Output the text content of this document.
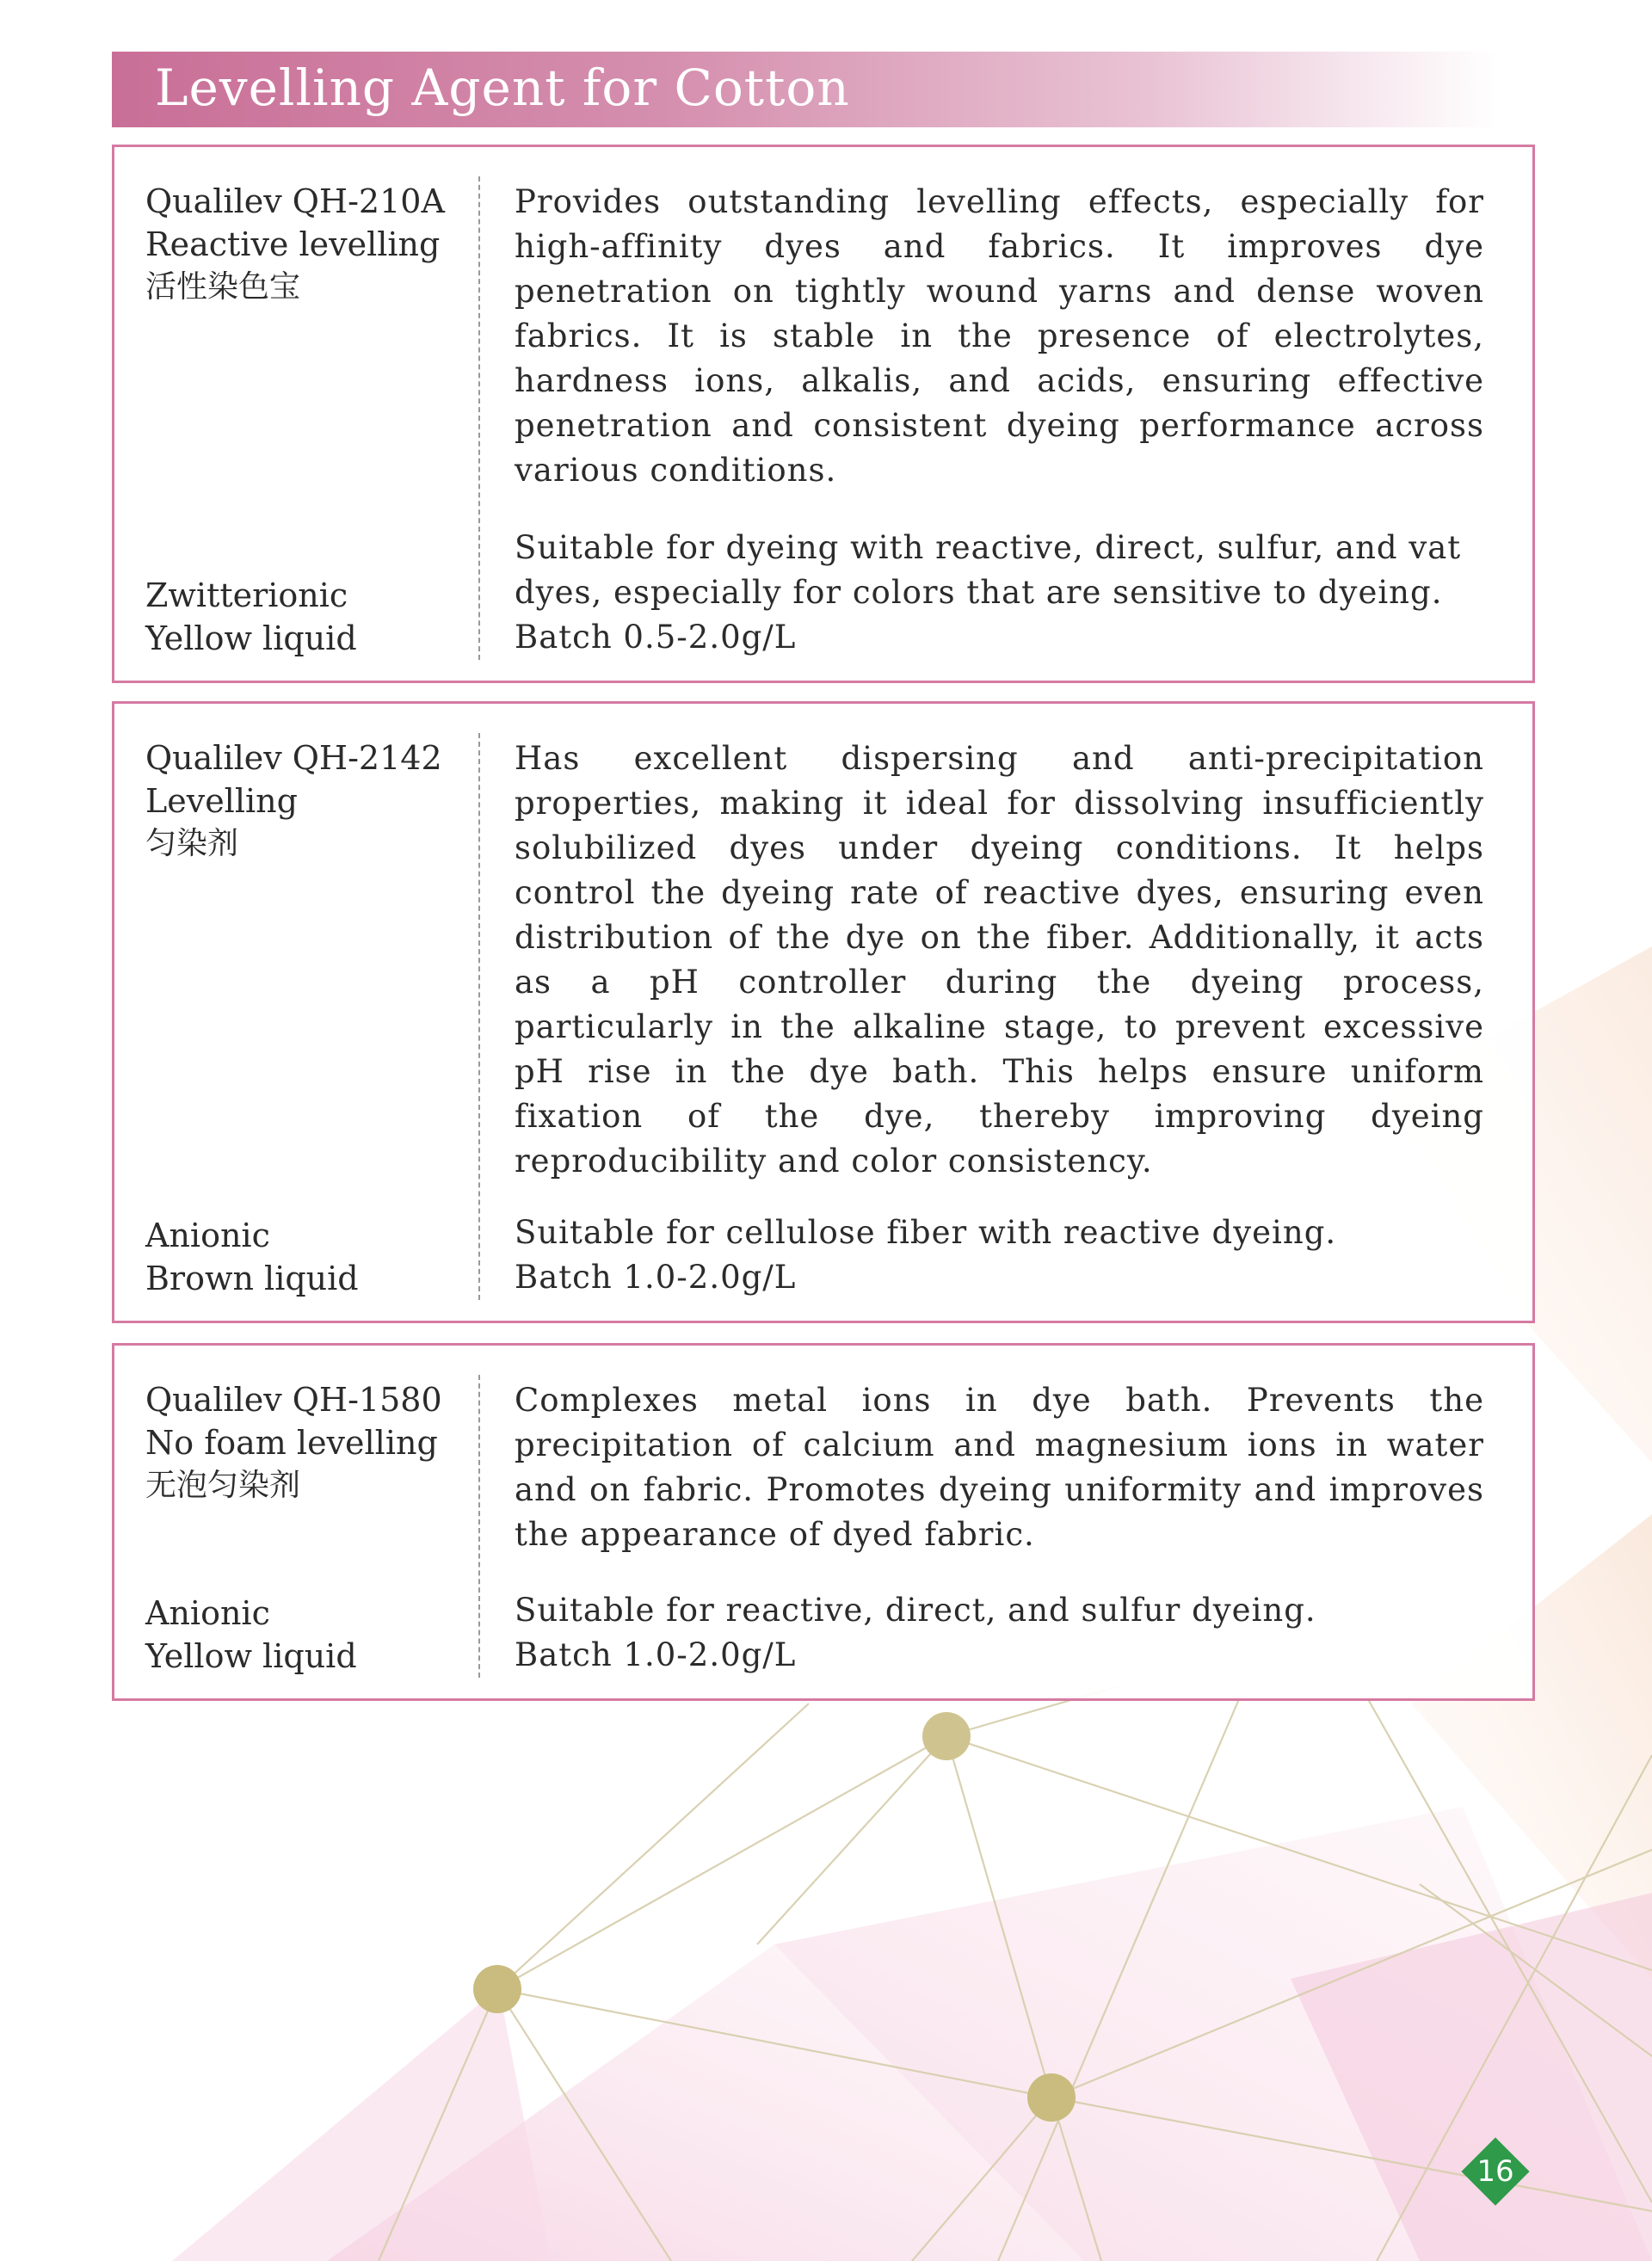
Levelling Agent for Cotton
Qualilev QH-210A
Reactive levelling
活性染色宝
Zwitterionic
Yellow liquid
Provides outstanding levelling effects, especially for high-affinity dyes and fabrics. It improves dye penetration on tightly wound yarns and dense woven fabrics. It is stable in the presence of electrolytes, hardness ions, alkalis, and acids, ensuring effective penetration and consistent dyeing performance across various conditions.
Suitable for dyeing with reactive, direct, sulfur, and vat
dyes, especially for colors that are sensitive to dyeing.
Batch 0.5-2.0g/L
Qualilev QH-2142
Levelling
匀染剂
Anionic
Brown liquid
Has excellent dispersing and anti-precipitation properties, making it ideal for dissolving insufficiently solubilized dyes under dyeing conditions. It helps control the dyeing rate of reactive dyes, ensuring even distribution of the dye on the fiber. Additionally, it acts as a pH controller during the dyeing process, particularly in the alkaline stage, to prevent excessive pH rise in the dye bath. This helps ensure uniform fixation of the dye, thereby improving dyeing reproducibility and color consistency.
Suitable for cellulose fiber with reactive dyeing.
Batch 1.0-2.0g/L
Qualilev QH-1580
No foam levelling
无泡匀染剂
Anionic
Yellow liquid
Complexes metal ions in dye bath. Prevents the precipitation of calcium and magnesium ions in water and on fabric. Promotes dyeing uniformity and improves the appearance of dyed fabric.
Suitable for reactive, direct, and sulfur dyeing.
Batch 1.0-2.0g/L
16
